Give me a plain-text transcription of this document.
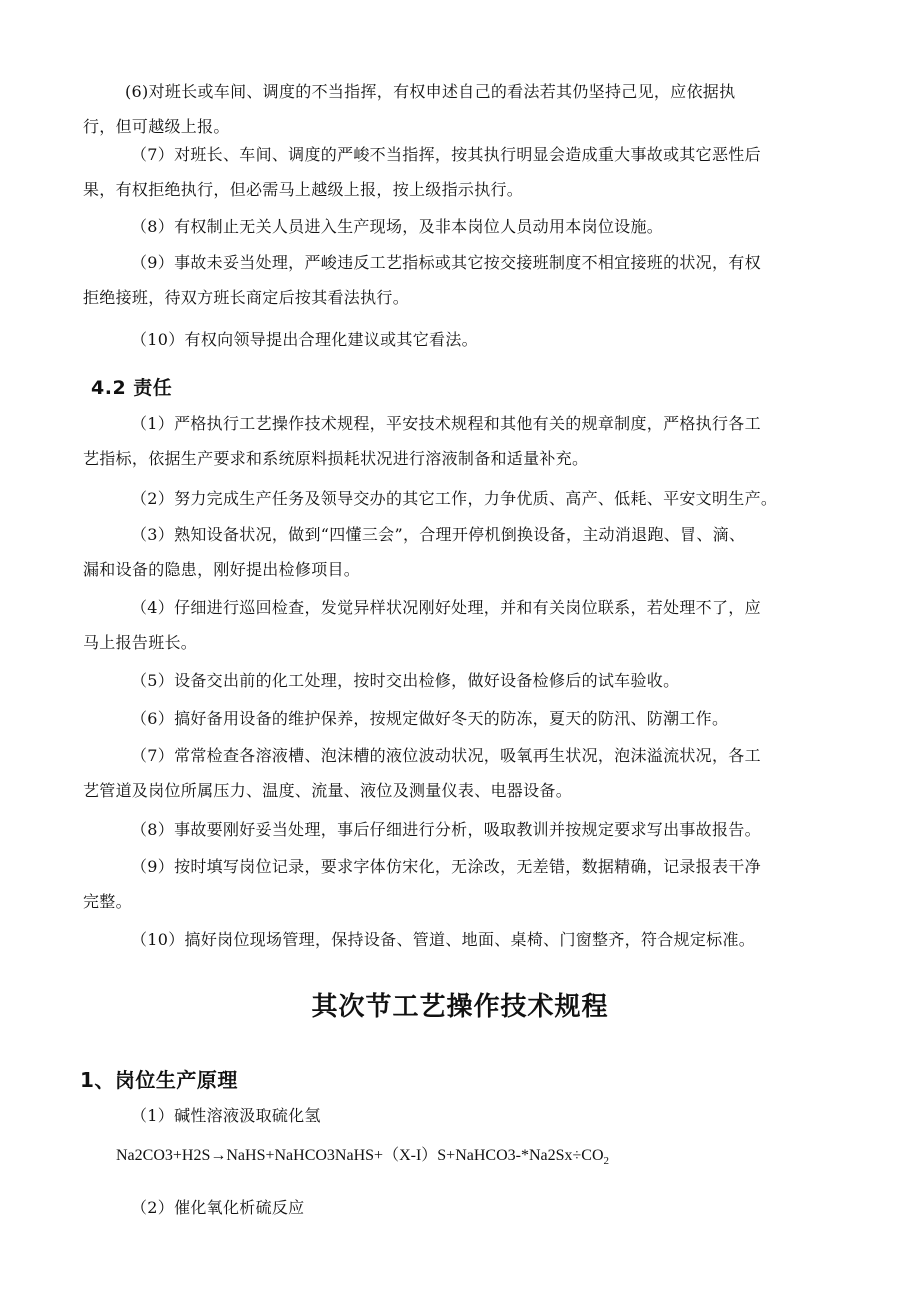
(6)对班长或车间、调度的不当指挥，有权申述自己的看法若其仍坚持己见，应依据执
行，但可越级上报。
（7）对班长、车间、调度的严峻不当指挥，按其执行明显会造成重大事故或其它恶性后
果，有权拒绝执行，但必需马上越级上报，按上级指示执行。
（8）有权制止无关人员进入生产现场，及非本岗位人员动用本岗位设施。
（9）事故未妥当处理，严峻违反工艺指标或其它按交接班制度不相宜接班的状况，有权
拒绝接班，待双方班长商定后按其看法执行。
（10）有权向领导提出合理化建议或其它看法。
4.2 责任
（1）严格执行工艺操作技术规程，平安技术规程和其他有关的规章制度，严格执行各工
艺指标，依据生产要求和系统原料损耗状况进行溶液制备和适量补充。
（2）努力完成生产任务及领导交办的其它工作，力争优质、高产、低耗、平安文明生产。
（3）熟知设备状况，做到“四懂三会”，合理开停机倒换设备，主动消退跑、冒、滴、
漏和设备的隐患，刚好提出检修项目。
（4）仔细进行巡回检查，发觉异样状况刚好处理，并和有关岗位联系，若处理不了，应
马上报告班长。
（5）设备交出前的化工处理，按时交出检修，做好设备检修后的试车验收。
（6）搞好备用设备的维护保养，按规定做好冬天的防冻，夏天的防汛、防潮工作。
（7）常常检查各溶液槽、泡沫槽的液位波动状况，吸氧再生状况，泡沫溢流状况，各工
艺管道及岗位所属压力、温度、流量、液位及测量仪表、电器设备。
（8）事故要刚好妥当处理，事后仔细进行分析，吸取教训并按规定要求写出事故报告。
（9）按时填写岗位记录，要求字体仿宋化，无涂改，无差错，数据精确，记录报表干净
完整。
（10）搞好岗位现场管理，保持设备、管道、地面、桌椅、门窗整齐，符合规定标准。
其次节工艺操作技术规程
1、岗位生产原理
（1）碱性溶液汲取硫化氢
$Na2CO3+H2S\to NaHS+NaHCO3NaHS+(X-I)S+NaHCO3-*Na2Sx\div CO_2$
（2）催化氧化析硫反应
